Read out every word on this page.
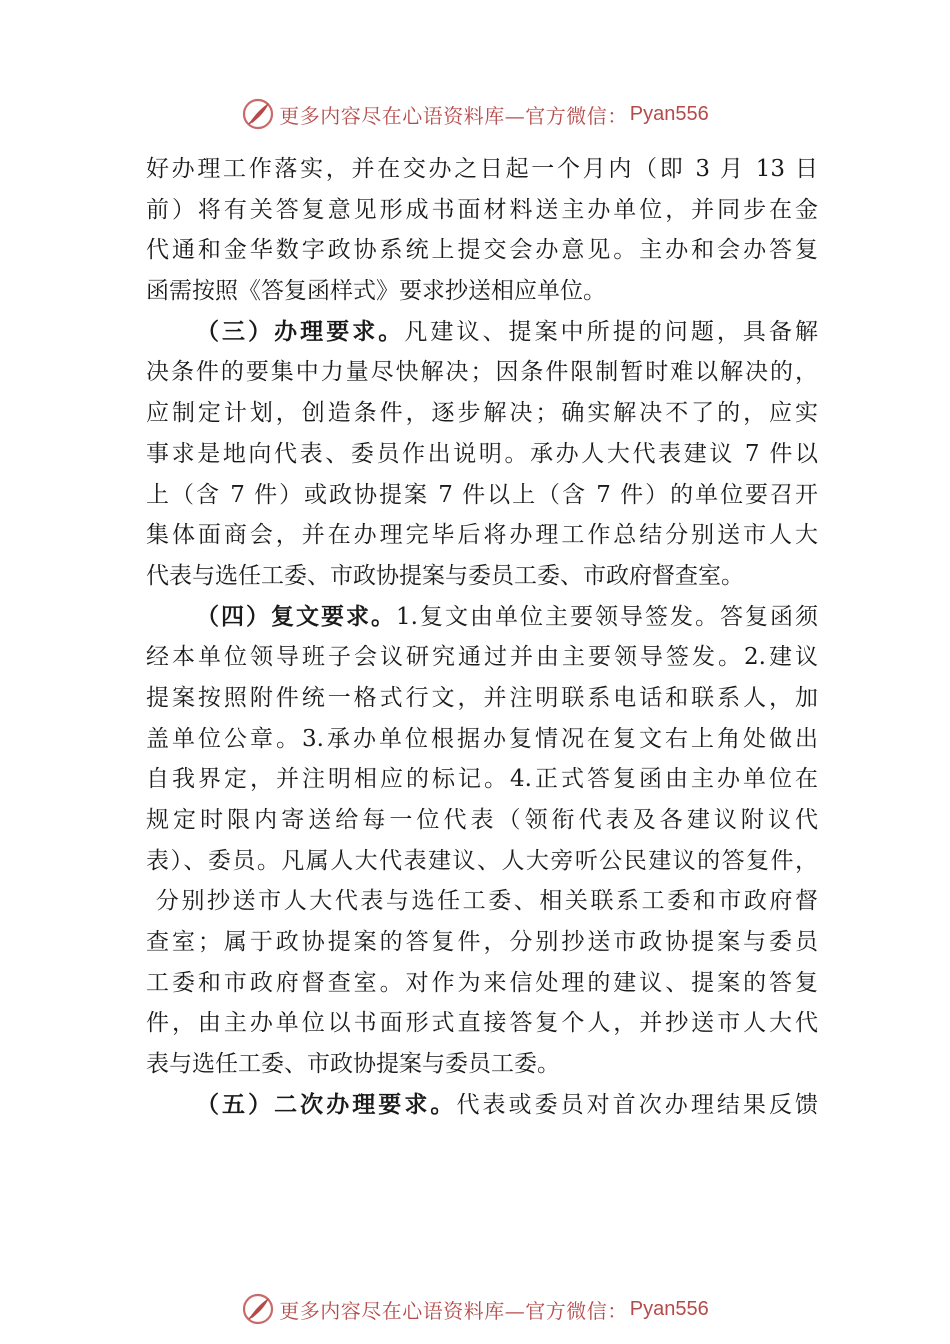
更多内容尽在心语资料库—官方微信： Pyan556
好办理工作落实，并在交办之日起一个月内（即 3 月 13 日
前）将有关答复意见形成书面材料送主办单位，并同步在金
代通和金华数字政协系统上提交会办意见。主办和会办答复
函需按照《答复函样式》要求抄送相应单位。
（三）办理要求。凡建议、提案中所提的问题，具备解
决条件的要集中力量尽快解决；因条件限制暂时难以解决的，
应制定计划，创造条件，逐步解决；确实解决不了的，应实
事求是地向代表、委员作出说明。承办人大代表建议 7 件以
上（含 7 件）或政协提案 7 件以上（含 7 件）的单位要召开
集体面商会，并在办理完毕后将办理工作总结分别送市人大
代表与选任工委、市政协提案与委员工委、市政府督查室。
（四）复文要求。1.复文由单位主要领导签发。答复函须
经本单位领导班子会议研究通过并由主要领导签发。2.建议
提案按照附件统一格式行文，并注明联系电话和联系人，加
盖单位公章。3.承办单位根据办复情况在复文右上角处做出
自我界定，并注明相应的标记。4.正式答复函由主办单位在
规定时限内寄送给每一位代表（领衔代表及各建议附议代
表）、委员。凡属人大代表建议、人大旁听公民建议的答复件，
分别抄送市人大代表与选任工委、相关联系工委和市政府督
查室；属于政协提案的答复件，分别抄送市政协提案与委员
工委和市政府督查室。对作为来信处理的建议、提案的答复
件，由主办单位以书面形式直接答复个人，并抄送市人大代
表与选任工委、市政协提案与委员工委。
（五）二次办理要求。代表或委员对首次办理结果反馈
更多内容尽在心语资料库—官方微信： Pyan556
